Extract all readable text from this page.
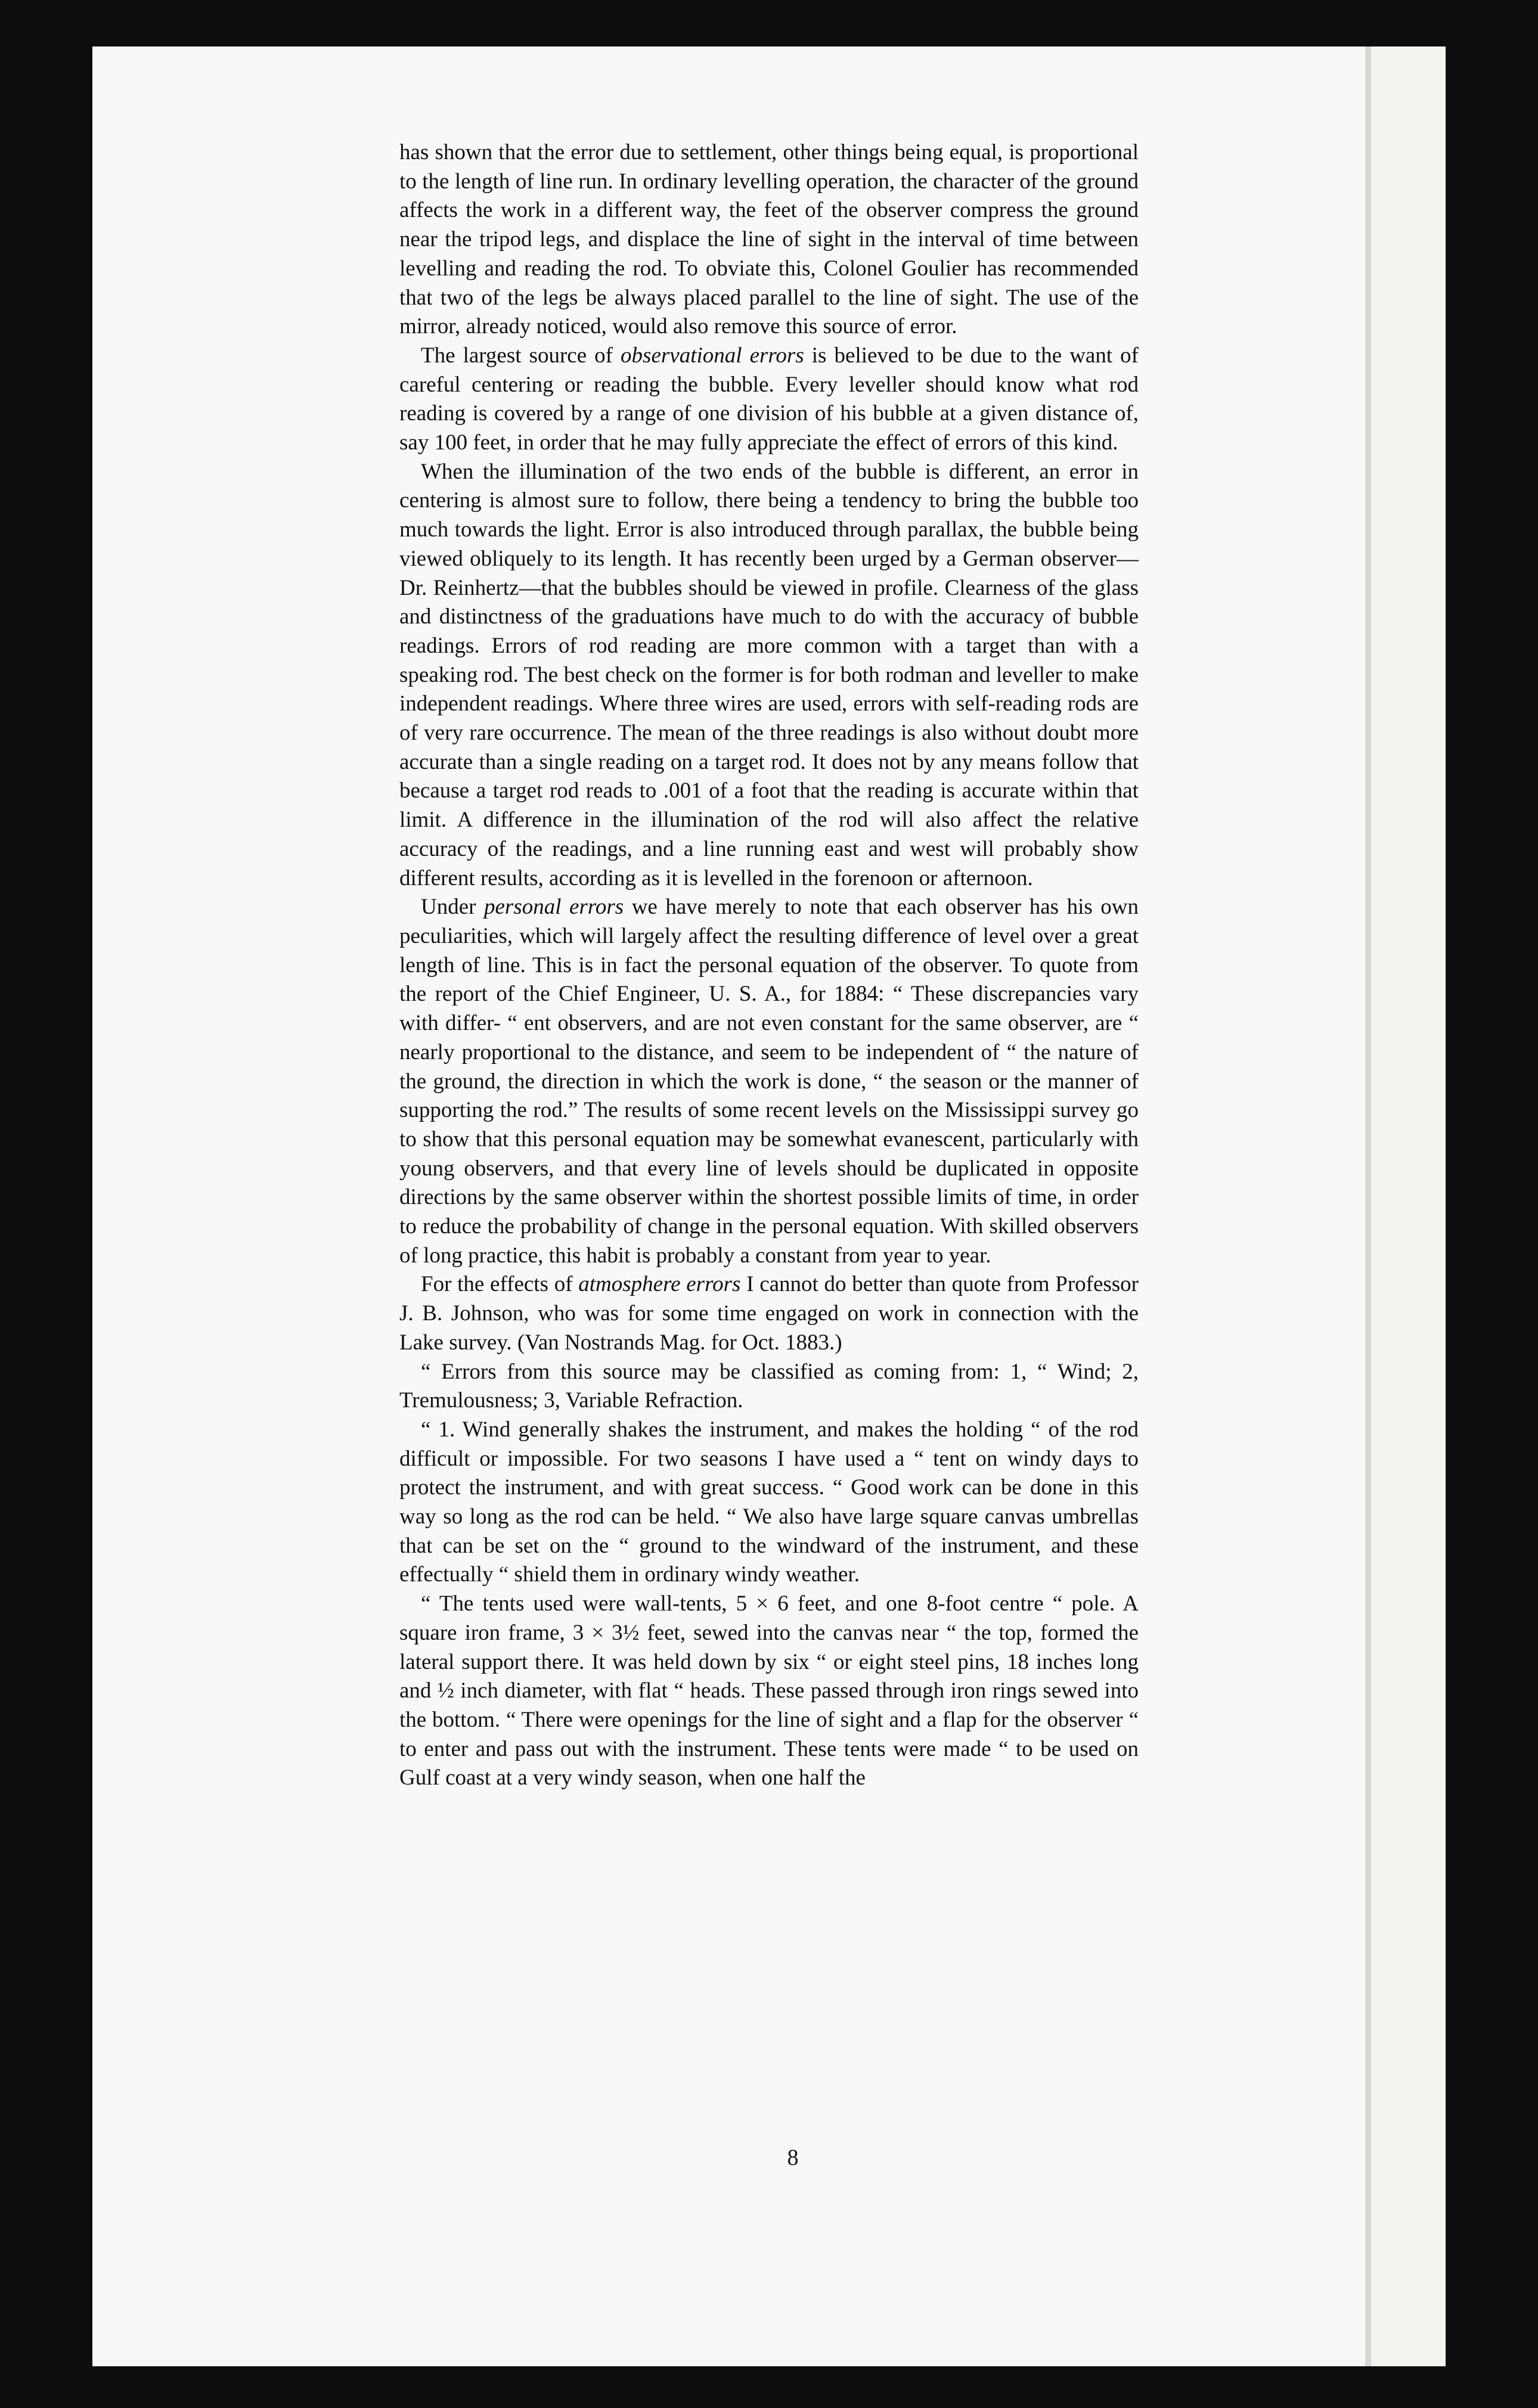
has shown that the error due to settlement, other things being equal, is proportional to the length of line run. In ordinary levelling operation, the character of the ground affects the work in a different way, the feet of the observer compress the ground near the tripod legs, and displace the line of sight in the interval of time between levelling and reading the rod. To obviate this, Colonel Goulier has recommended that two of the legs be always placed parallel to the line of sight. The use of the mirror, already noticed, would also remove this source of error.

The largest source of observational errors is believed to be due to the want of careful centering or reading the bubble. Every leveller should know what rod reading is covered by a range of one division of his bubble at a given distance of, say 100 feet, in order that he may fully appreciate the effect of errors of this kind.

When the illumination of the two ends of the bubble is different, an error in centering is almost sure to follow, there being a tendency to bring the bubble too much towards the light. Error is also introduced through parallax, the bubble being viewed obliquely to its length. It has recently been urged by a German observer—Dr. Reinhertz—that the bubbles should be viewed in profile. Clearness of the glass and distinctness of the graduations have much to do with the accuracy of bubble readings. Errors of rod reading are more common with a target than with a speaking rod. The best check on the former is for both rodman and leveller to make independent readings. Where three wires are used, errors with self-reading rods are of very rare occurrence. The mean of the three readings is also without doubt more accurate than a single reading on a target rod. It does not by any means follow that because a target rod reads to .001 of a foot that the reading is accurate within that limit. A difference in the illumination of the rod will also affect the relative accuracy of the readings, and a line running east and west will probably show different results, according as it is levelled in the forenoon or afternoon.

Under personal errors we have merely to note that each observer has his own peculiarities, which will largely affect the resulting difference of level over a great length of line. This is in fact the personal equation of the observer. To quote from the report of the Chief Engineer, U. S. A., for 1884: “ These discrepancies vary with differ- “ ent observers, and are not even constant for the same observer, are “ nearly proportional to the distance, and seem to be independent of “ the nature of the ground, the direction in which the work is done, “ the season or the manner of supporting the rod.” The results of some recent levels on the Mississippi survey go to show that this personal equation may be somewhat evanescent, particularly with young observers, and that every line of levels should be duplicated in opposite directions by the same observer within the shortest possible limits of time, in order to reduce the probability of change in the personal equation. With skilled observers of long practice, this habit is probably a constant from year to year.

For the effects of atmosphere errors I cannot do better than quote from Professor J. B. Johnson, who was for some time engaged on work in connection with the Lake survey. (Van Nostrands Mag. for Oct. 1883.)

“ Errors from this source may be classified as coming from: 1, “ Wind; 2, Tremulousness; 3, Variable Refraction.

“ 1. Wind generally shakes the instrument, and makes the holding “ of the rod difficult or impossible. For two seasons I have used a “ tent on windy days to protect the instrument, and with great success. “ Good work can be done in this way so long as the rod can be held. “ We also have large square canvas umbrellas that can be set on the “ ground to the windward of the instrument, and these effectually “ shield them in ordinary windy weather.

“ The tents used were wall-tents, 5 × 6 feet, and one 8-foot centre “ pole. A square iron frame, 3 × 3½ feet, sewed into the canvas near “ the top, formed the lateral support there. It was held down by six “ or eight steel pins, 18 inches long and ½ inch diameter, with flat “ heads. These passed through iron rings sewed into the bottom. “ There were openings for the line of sight and a flap for the observer “ to enter and pass out with the instrument. These tents were made “ to be used on Gulf coast at a very windy season, when one half the

8
